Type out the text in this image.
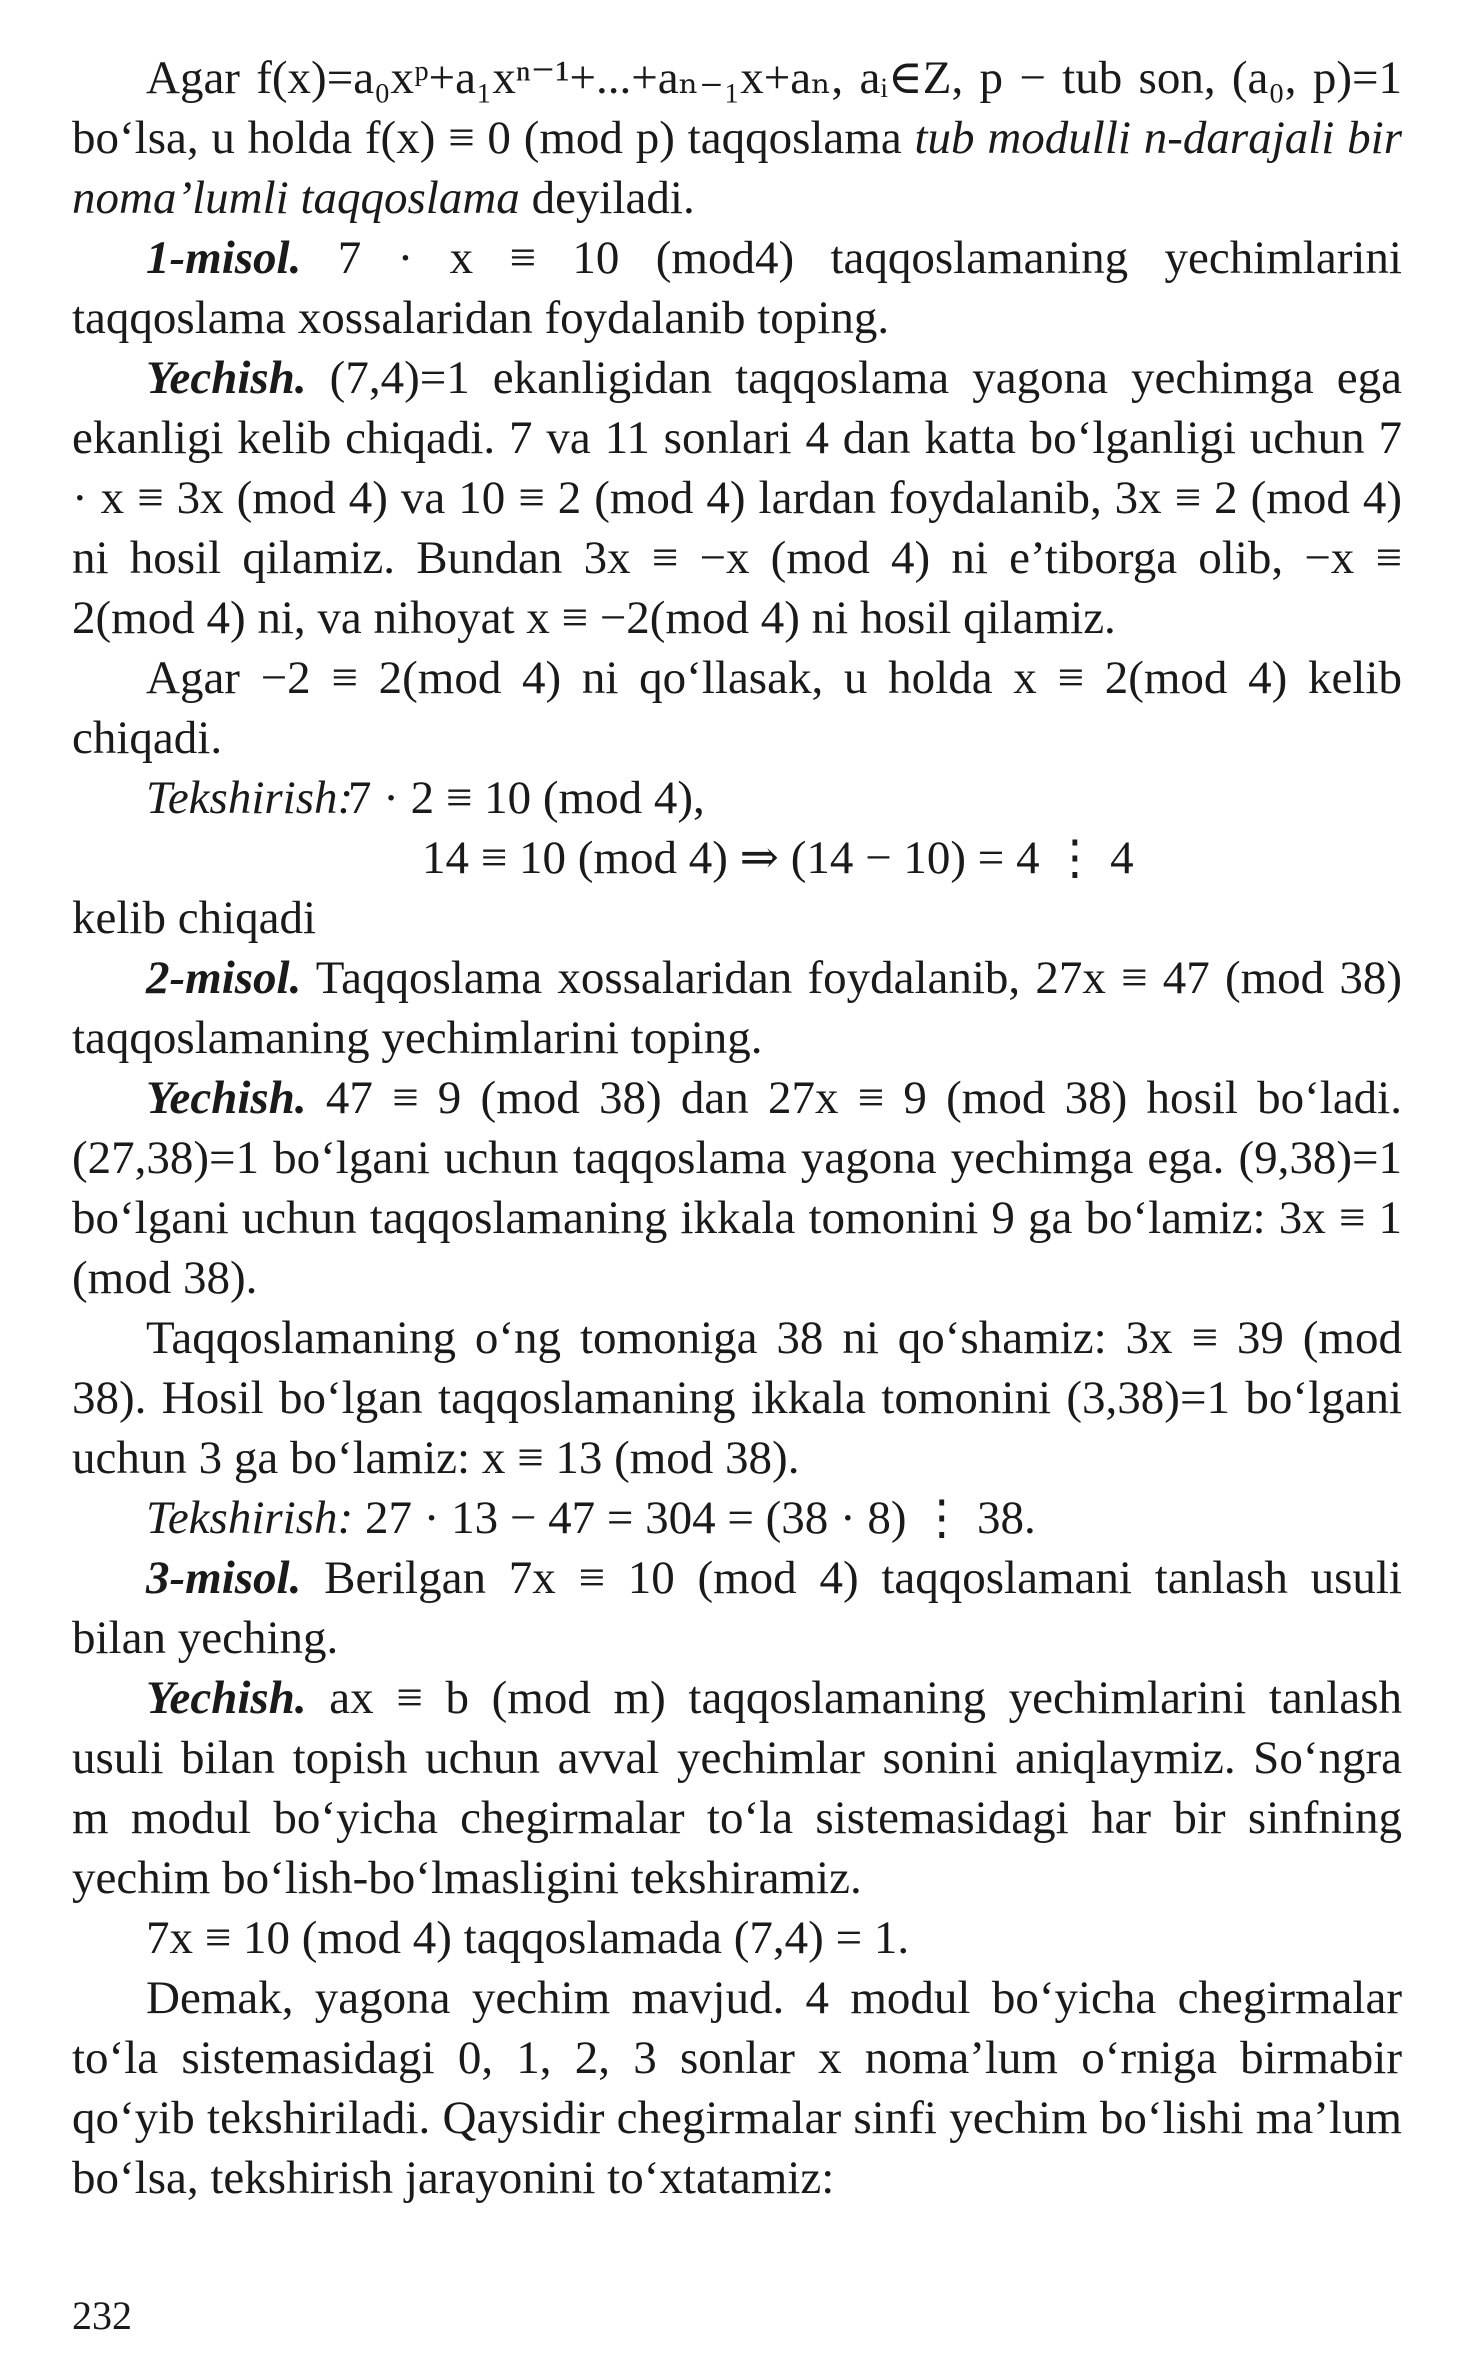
Agar f(x)=a₀xᵖ+a₁xⁿ⁻¹+...+aₙ₋₁x+aₙ, aᵢ∈Z, p − tub son, (a₀, p)=1 bo‘lsa, u holda f(x) ≡ 0 (mod p) taqqoslama tub modulli n-darajali bir noma’lumli taqqoslama deyiladi.

1-misol. 7 · x ≡ 10 (mod4) taqqoslamaning yechimlarini taqqoslama xossalaridan foydalanib toping.

Yechish. (7,4)=1 ekanligidan taqqoslama yagona yechimga ega ekanligi kelib chiqadi. 7 va 11 sonlari 4 dan katta bo‘lganligi uchun 7 · x ≡ 3x (mod 4) va 10 ≡ 2 (mod 4) lardan foydalanib, 3x ≡ 2 (mod 4) ni hosil qilamiz. Bundan 3x ≡ −x (mod 4) ni e’tiborga olib, −x ≡ 2(mod 4) ni, va nihoyat x ≡ −2(mod 4) ni hosil qilamiz.

Agar −2 ≡ 2(mod 4) ni qo‘llasak, u holda x ≡ 2(mod 4) kelib chiqadi.

Tekshirish:
7 · 2 ≡ 10 (mod 4),
14 ≡ 10 (mod 4) ⇒ (14 − 10) = 4 ⋮ 4

kelib chiqadi

2-misol. Taqqoslama xossalaridan foydalanib, 27x ≡ 47 (mod 38) taqqoslamaning yechimlarini toping.

Yechish. 47 ≡ 9 (mod 38) dan 27x ≡ 9 (mod 38) hosil bo‘ladi. (27,38)=1 bo‘lgani uchun taqqoslama yagona yechimga ega. (9,38)=1 bo‘lgani uchun taqqoslamaning ikkala tomonini 9 ga bo‘lamiz: 3x ≡ 1 (mod 38).

Taqqoslamaning o‘ng tomoniga 38 ni qo‘shamiz: 3x ≡ 39 (mod 38). Hosil bo‘lgan taqqoslamaning ikkala tomonini (3,38)=1 bo‘lgani uchun 3 ga bo‘lamiz: x ≡ 13 (mod 38).

Tekshirish: 27 · 13 − 47 = 304 = (38 · 8) ⋮ 38.

3-misol. Berilgan 7x ≡ 10 (mod 4) taqqoslamani tanlash usuli bilan yeching.

Yechish. ax ≡ b (mod m) taqqoslamaning yechimlarini tanlash usuli bilan topish uchun avval yechimlar sonini aniqlaymiz. So‘ngra m modul bo‘yicha chegirmalar to‘la sistemasidagi har bir sinfning yechim bo‘lish-bo‘lmasligini tekshiramiz.

7x ≡ 10 (mod 4) taqqoslamada (7,4) = 1.

Demak, yagona yechim mavjud. 4 modul bo‘yicha chegirmalar to‘la sistemasidagi 0, 1, 2, 3 sonlar x noma’lum o‘rniga birmabir qo‘yib tekshiriladi. Qaysidir chegirmalar sinfi yechim bo‘lishi ma’lum bo‘lsa, tekshirish jarayonini to‘xtatamiz:

232
